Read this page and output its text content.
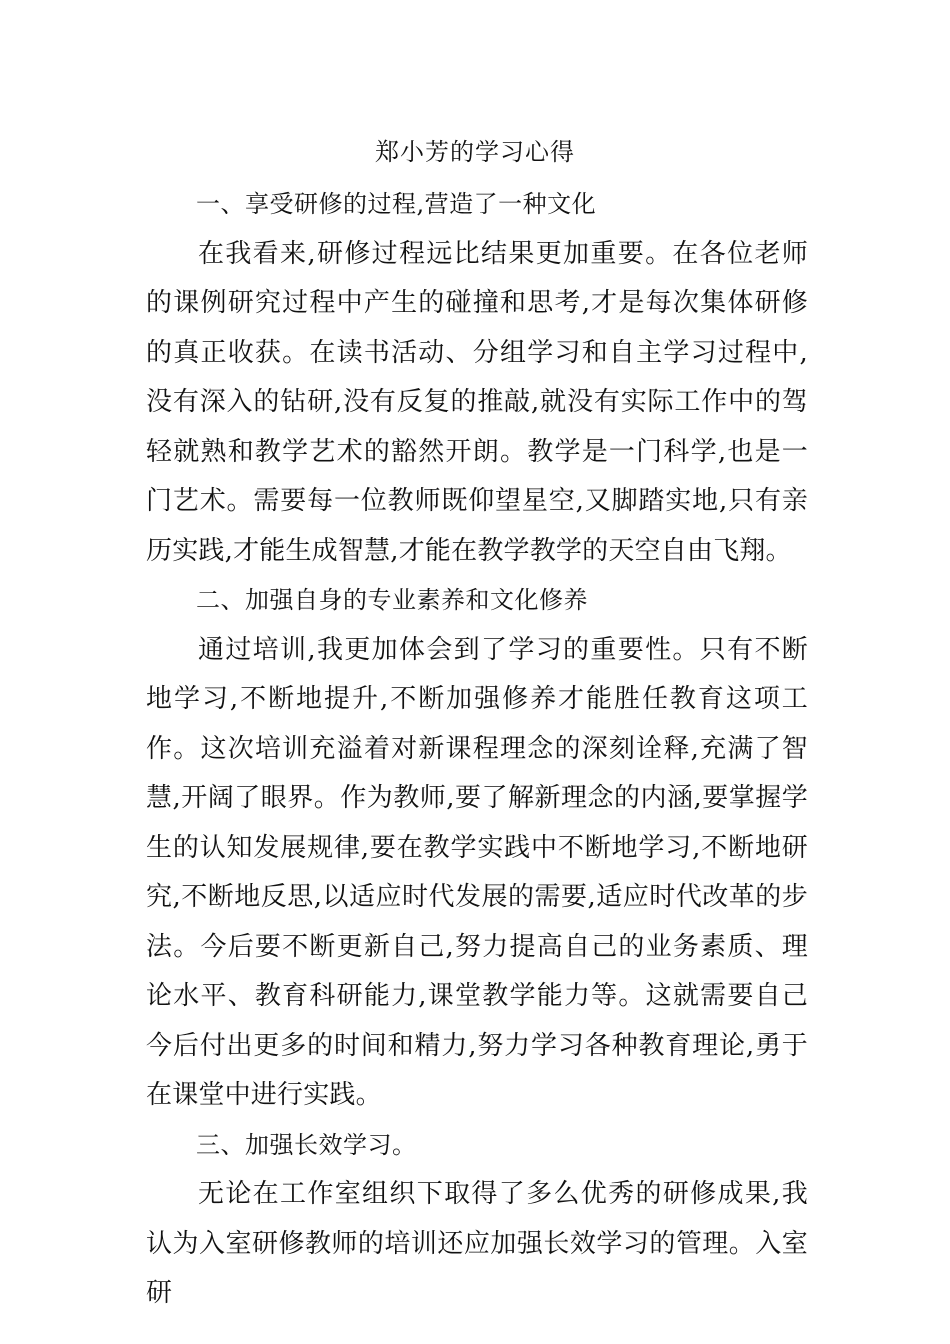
郑小芳的学习心得

一、享受研修的过程,营造了一种文化

在我看来,研修过程远比结果更加重要。在各位老师的课例研究过程中产生的碰撞和思考,才是每次集体研修的真正收获。在读书活动、分组学习和自主学习过程中,没有深入的钻研,没有反复的推敲,就没有实际工作中的驾轻就熟和教学艺术的豁然开朗。教学是一门科学,也是一门艺术。需要每一位教师既仰望星空,又脚踏实地,只有亲历实践,才能生成智慧,才能在教学教学的天空自由飞翔。

二、加强自身的专业素养和文化修养

通过培训,我更加体会到了学习的重要性。只有不断地学习,不断地提升,不断加强修养才能胜任教育这项工作。这次培训充溢着对新课程理念的深刻诠释,充满了智慧,开阔了眼界。作为教师,要了解新理念的内涵,要掌握学生的认知发展规律,要在教学实践中不断地学习,不断地研究,不断地反思,以适应时代发展的需要,适应时代改革的步法。今后要不断更新自己,努力提高自己的业务素质、理论水平、教育科研能力,课堂教学能力等。这就需要自己今后付出更多的时间和精力,努力学习各种教育理论,勇于在课堂中进行实践。

三、加强长效学习。

无论在工作室组织下取得了多么优秀的研修成果,我认为入室研修教师的培训还应加强长效学习的管理。入室研
